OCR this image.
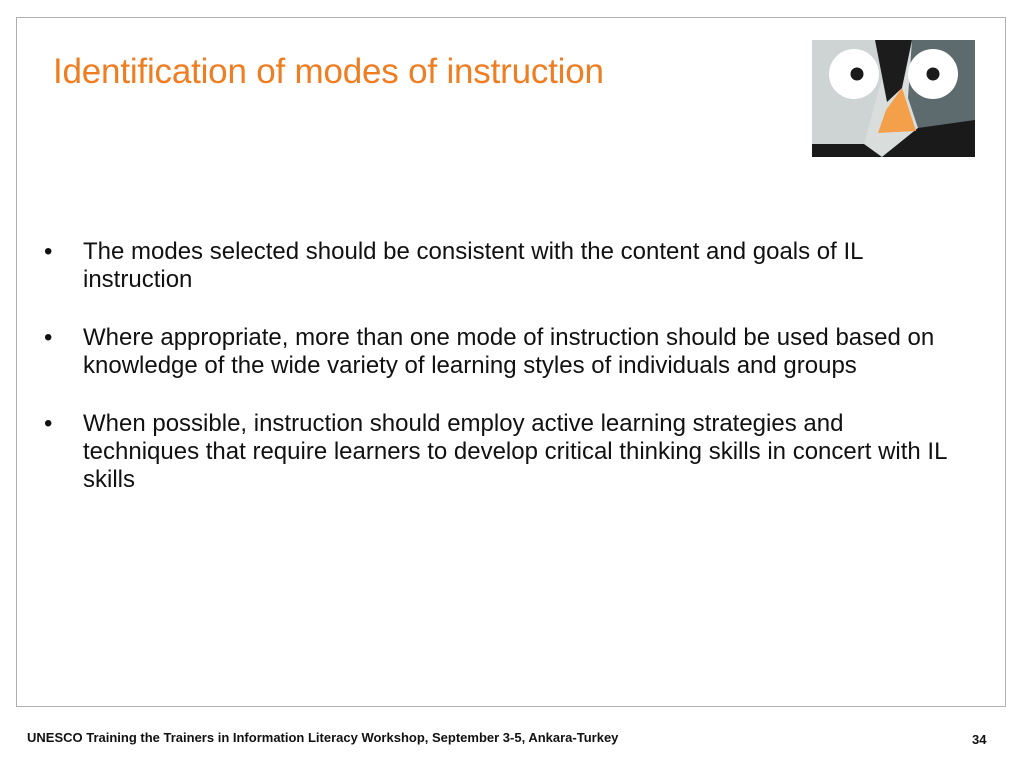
Identification of modes of instruction
•	The modes selected should be consistent with the content and goals of IL instruction
•	Where appropriate, more than one mode of instruction should be used based on knowledge of the wide variety of learning styles of individuals and groups
•	When possible, instruction should employ active learning strategies and techniques that require learners to develop critical thinking skills in concert with IL skills
UNESCO Training the Trainers in Information Literacy Workshop, September 3-5, Ankara-Turkey	34
